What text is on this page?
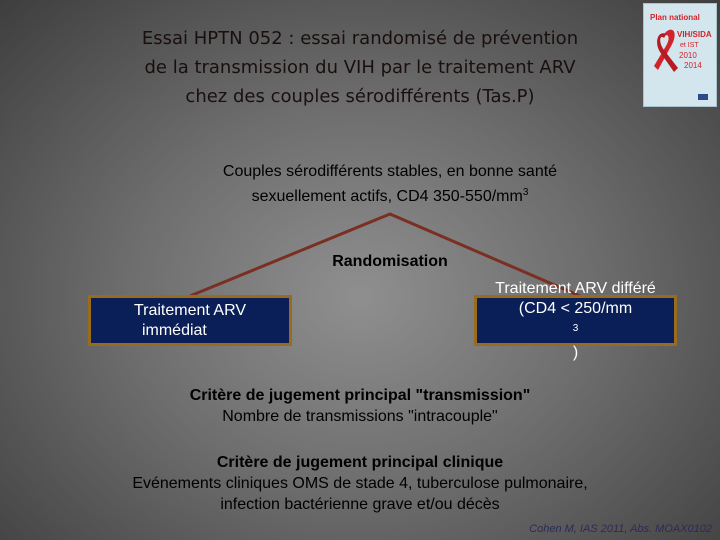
Essai HPTN 052 : essai randomisé de prévention
de la transmission du VIH par le traitement ARV
chez des couples sérodifférents (Tas.P)
Plan national
VIH/SIDA
et IST
2010
2014
Couples sérodifférents stables, en bonne santé
sexuellement actifs, CD4 $350-550/mm^3$
Randomisation
Traitement ARV
immédiat
Traitement ARV différé
(CD4 < 250/mm
$^3$
)
Critère de jugement principal "transmission"
Nombre de transmissions "intracouple"
Critère de jugement principal clinique
Evénements cliniques OMS de stade 4, tuberculose pulmonaire,
infection bactérienne grave et/ou décès
Cohen M, IAS 2011, Abs. MOAX0102
